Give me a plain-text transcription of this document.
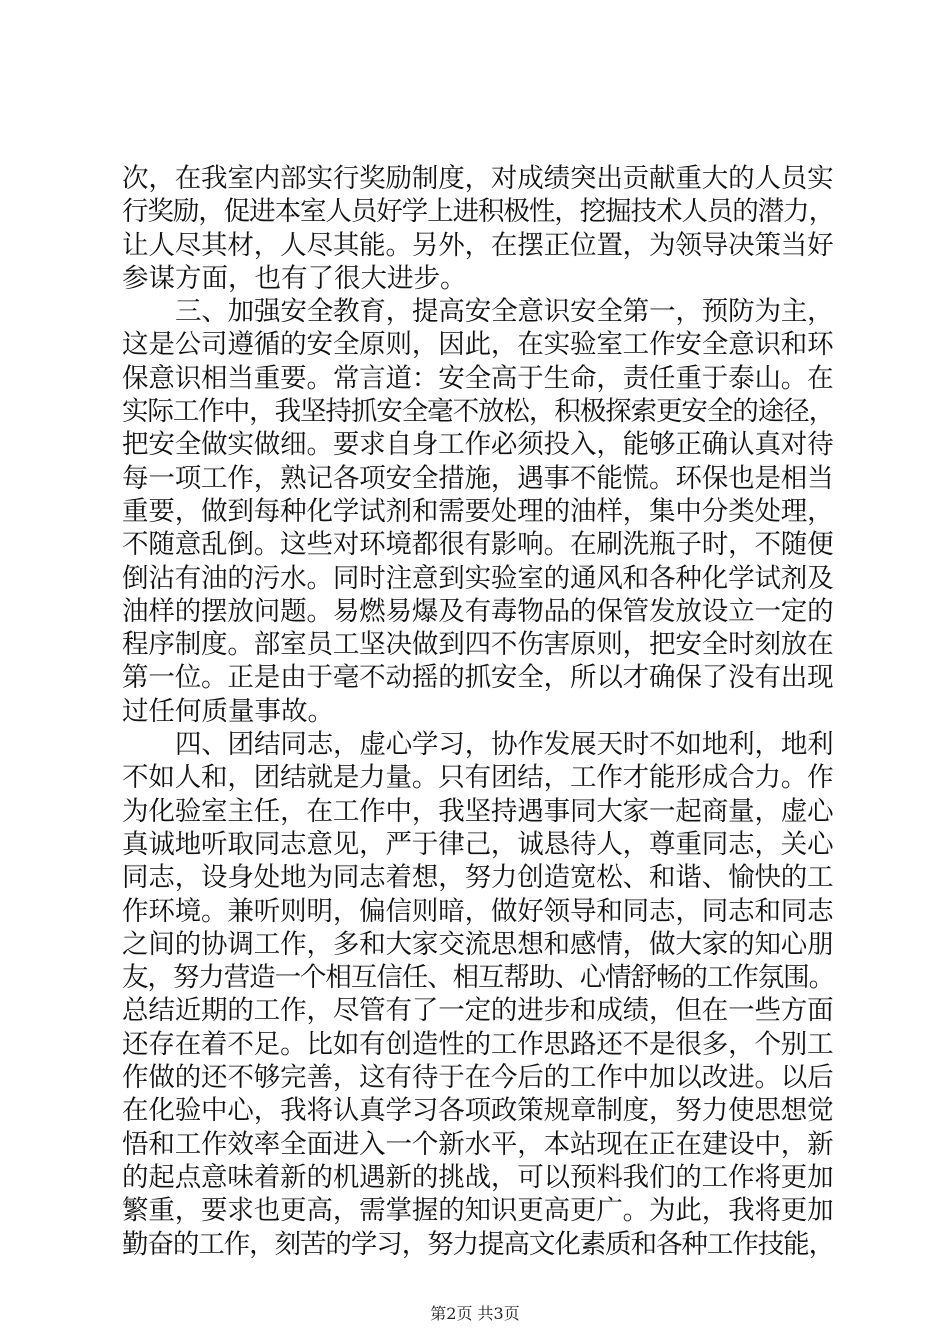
次，在我室内部实行奖励制度，对成绩突出贡献重大的人员实
行奖励，促进本室人员好学上进积极性，挖掘技术人员的潜力，
让人尽其材，人尽其能。另外，在摆正位置，为领导决策当好
参谋方面，也有了很大进步。
三、加强安全教育，提高安全意识安全第一，预防为主，
这是公司遵循的安全原则，因此，在实验室工作安全意识和环
保意识相当重要。常言道：安全高于生命，责任重于泰山。在
实际工作中，我坚持抓安全毫不放松，积极探索更安全的途径，
把安全做实做细。要求自身工作必须投入，能够正确认真对待
每一项工作，熟记各项安全措施，遇事不能慌。环保也是相当
重要，做到每种化学试剂和需要处理的油样，集中分类处理，
不随意乱倒。这些对环境都很有影响。在刷洗瓶子时，不随便
倒沾有油的污水。同时注意到实验室的通风和各种化学试剂及
油样的摆放问题。易燃易爆及有毒物品的保管发放设立一定的
程序制度。部室员工坚决做到四不伤害原则，把安全时刻放在
第一位。正是由于毫不动摇的抓安全，所以才确保了没有出现
过任何质量事故。
四、团结同志，虚心学习，协作发展天时不如地利，地利
不如人和，团结就是力量。只有团结，工作才能形成合力。作
为化验室主任，在工作中，我坚持遇事同大家一起商量，虚心
真诚地听取同志意见，严于律己，诚恳待人，尊重同志，关心
同志，设身处地为同志着想，努力创造宽松、和谐、愉快的工
作环境。兼听则明，偏信则暗，做好领导和同志，同志和同志
之间的协调工作，多和大家交流思想和感情，做大家的知心朋
友，努力营造一个相互信任、相互帮助、心情舒畅的工作氛围。
总结近期的工作，尽管有了一定的进步和成绩，但在一些方面
还存在着不足。比如有创造性的工作思路还不是很多，个别工
作做的还不够完善，这有待于在今后的工作中加以改进。以后
在化验中心，我将认真学习各项政策规章制度，努力使思想觉
悟和工作效率全面进入一个新水平，本站现在正在建设中，新
的起点意味着新的机遇新的挑战，可以预料我们的工作将更加
繁重，要求也更高，需掌握的知识更高更广。为此，我将更加
勤奋的工作，刻苦的学习，努力提高文化素质和各种工作技能，
第2页 共3页
